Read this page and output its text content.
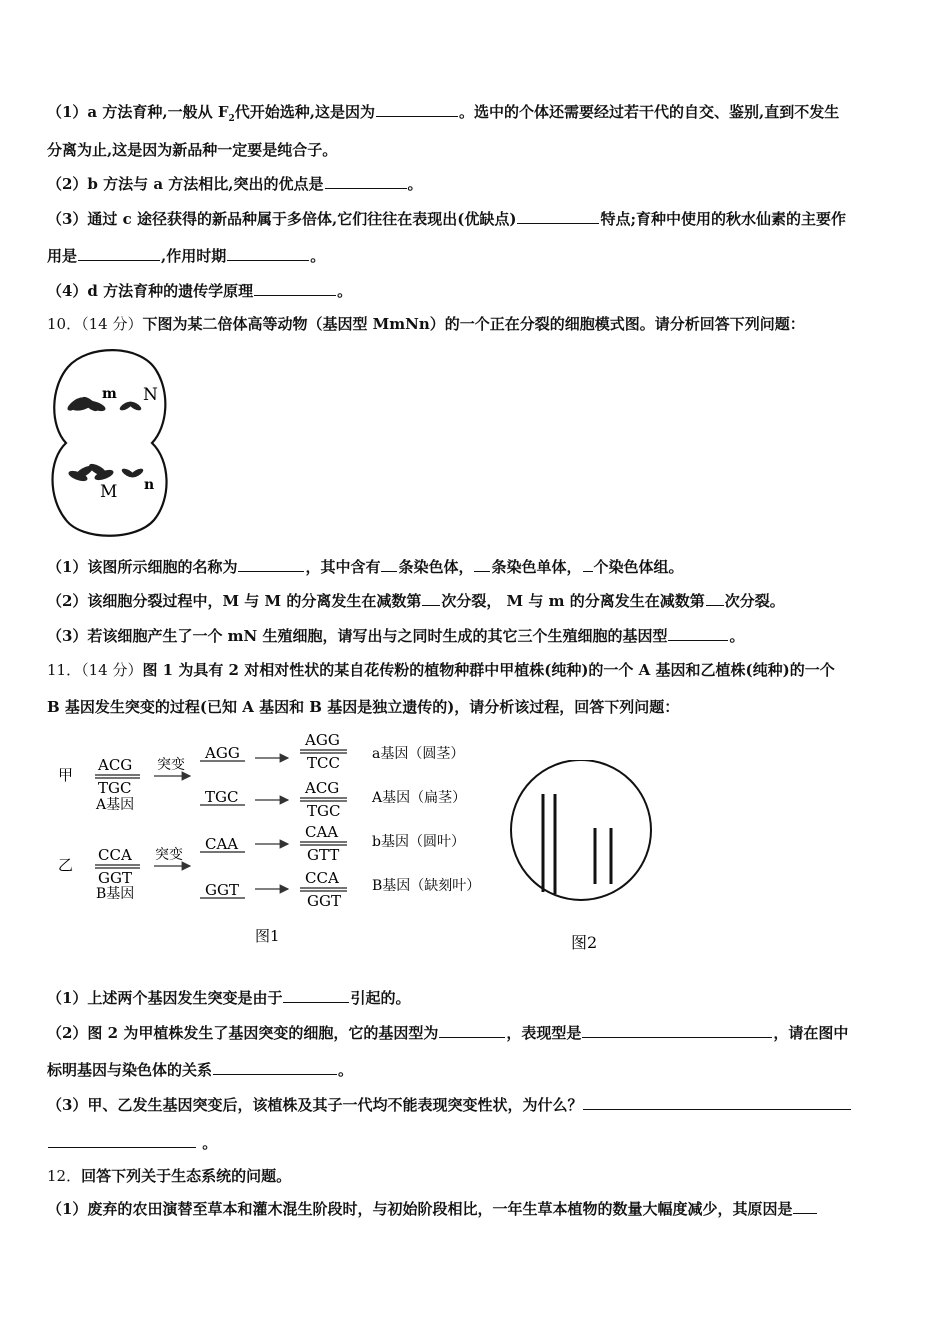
（1）a 方法育种,一般从 $F_2$代开始选种,这是因为	。选中的个体还需要经过若干代的自交、鉴别,直到不发生
分离为止,这是因为新品种一定要是纯合子。
（2）b 方法与 a 方法相比,突出的优点是	。
（3）通过 c 途径获得的新品种属于多倍体,它们往往在表现出(优缺点)	特点;育种中使用的秋水仙素的主要作
用是	,作用时期	。
（4）d 方法育种的遗传学原理	。
10．（14 分）下图为某二倍体高等动物（基因型 MmNn）的一个正在分裂的细胞模式图。请分析回答下列问题：
m N
M n
（1）该图所示细胞的名称为	，其中含有 条染色体， 条染色单体， 个染色体组。
（2）该细胞分裂过程中，M 与 M 的分离发生在减数第 次分裂， M 与 m 的分离发生在减数第 次分裂。
（3）若该细胞产生了一个 mN 生殖细胞，请写出与之同时生成的其它三个生殖细胞的基因型	。
11．（14 分）图 1 为具有 2 对相对性状的某自花传粉的植物种群中甲植株(纯种)的一个 A 基因和乙植株(纯种)的一个
B 基因发生突变的过程(已知 A 基因和 B 基因是独立遗传的)，请分析该过程，回答下列问题：
甲
乙
ACG
TGC
A基因
突变
CCA
GGT
B基因
突变
AGG
AGG
TCC a基因（圆茎）
TGC	ACG
TGC
A基因（扁茎）
CAA
CAA
GTT
b基因（圆叶）
GGT
CCA
GGT
B基因（缺刻叶）
图1	图2
（1）上述两个基因发生突变是由于	引起的。
（2）图 2 为甲植株发生了基因突变的细胞，它的基因型为	，表现型是	，请在图中
标明基因与染色体的关系	。
（3）甲、乙发生基因突变后，该植株及其子一代均不能表现突变性状，为什么？
。
12．回答下列关于生态系统的问题。
（1）废弃的农田演替至草本和灌木混生阶段时，与初始阶段相比，一年生草本植物的数量大幅度减少，其原因是
